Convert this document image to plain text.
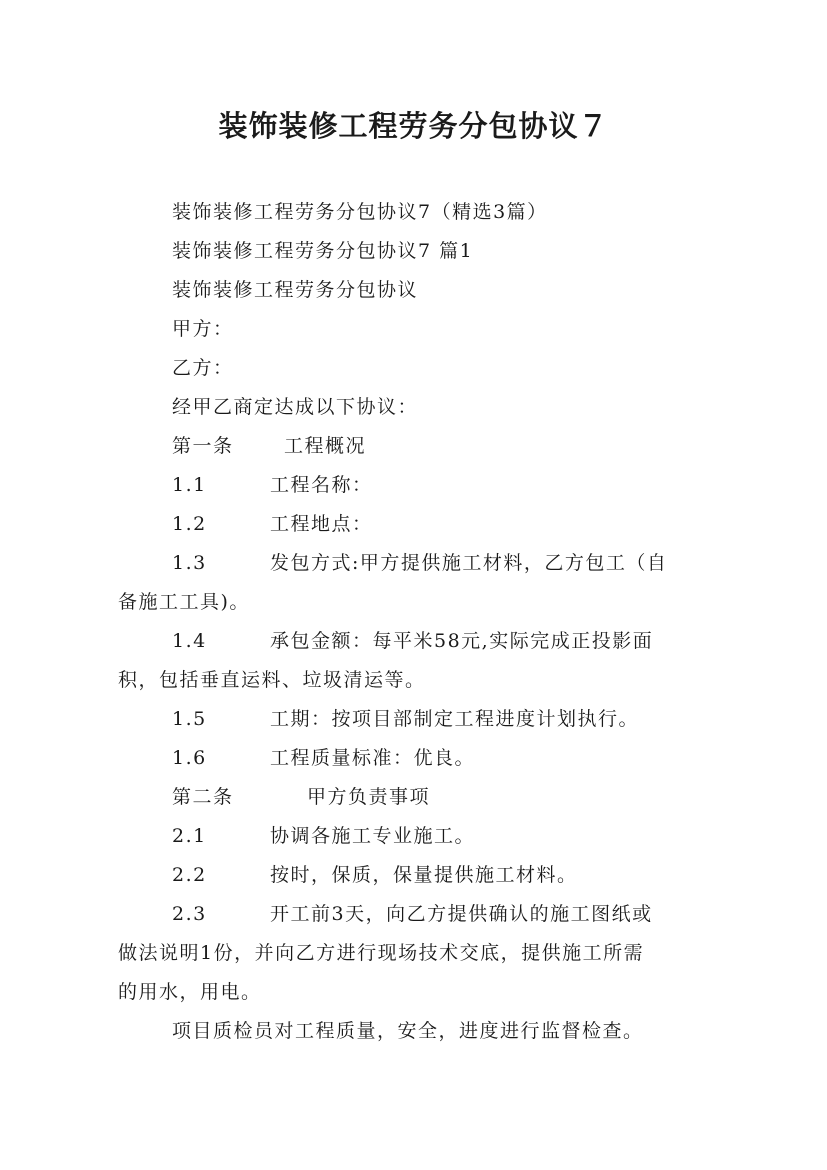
装饰装修工程劳务分包协议７
装饰装修工程劳务分包协议7（精选3篇）
装饰装修工程劳务分包协议7 篇1
装饰装修工程劳务分包协议
甲方：
乙方：
经甲乙商定达成以下协议：
第一条	工程概况
1.1	工程名称：
1.2	工程地点：
1.3	发包方式:甲方提供施工材料，乙方包工（自
备施工工具)。
1.4	承包金额：每平米58元,实际完成正投影面
积，包括垂直运料、垃圾清运等。
1.5	工期：按项目部制定工程进度计划执行。
1.6	工程质量标准：优良。
第二条	甲方负责事项
2.1	协调各施工专业施工。
2.2	按时，保质，保量提供施工材料。
2.3	开工前3天，向乙方提供确认的施工图纸或
做法说明1份，并向乙方进行现场技术交底，提供施工所需
的用水，用电。
项目质检员对工程质量，安全，进度进行监督检查。
